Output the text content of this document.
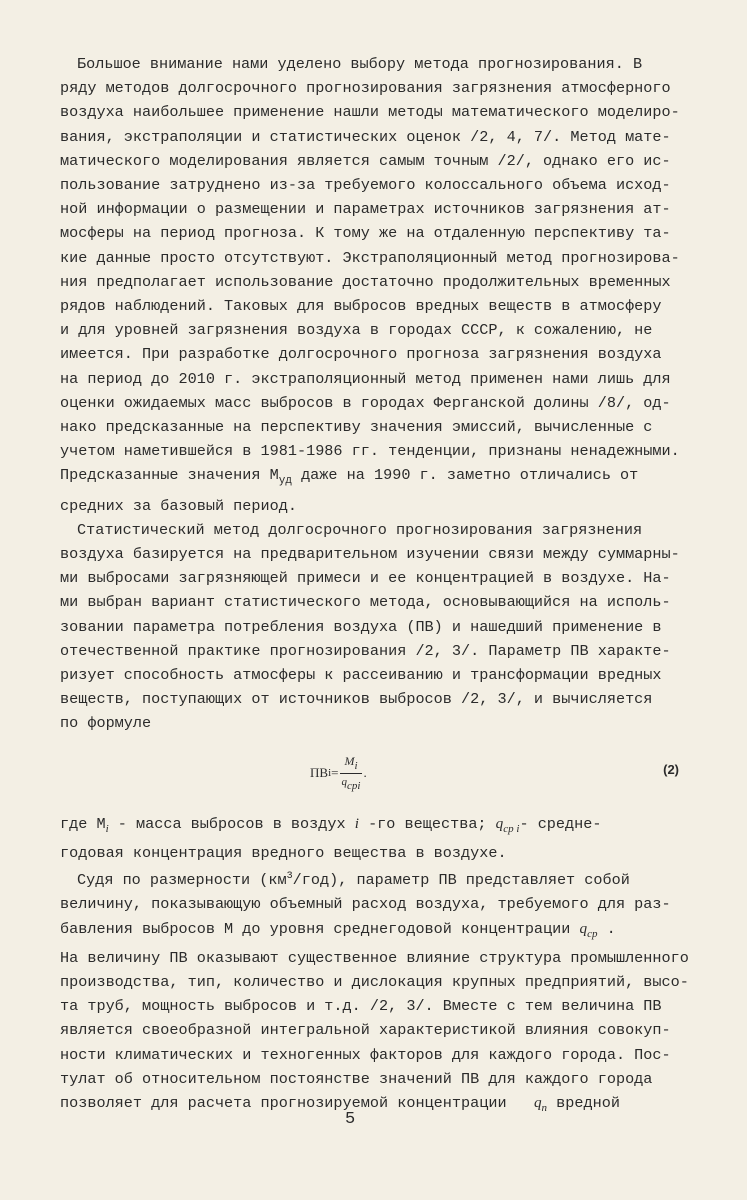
Большое внимание нами уделено выбору метода прогнозирования. В
ряду методов долгосрочного прогнозирования загрязнения атмосферного
воздуха наибольшее применение нашли методы математического моделиро-
вания, экстраполяции и статистических оценок /2, 4, 7/. Метод мате-
матического моделирования является самым точным /2/, однако его ис-
пользование затруднено из-за требуемого колоссального объема исход-
ной информации о размещении и параметрах источников загрязнения ат-
мосферы на период прогноза. К тому же на отдаленную перспективу та-
кие данные просто отсутствуют. Экстраполяционный метод прогнозирова-
ния предполагает использование достаточно продолжительных временных
рядов наблюдений. Таковых для выбросов вредных веществ в атмосферу
и для уровней загрязнения воздуха в городах СССР, к сожалению, не
имеется. При разработке долгосрочного прогноза загрязнения воздуха
на период до 2010 г. экстраполяционный метод применен нами лишь для
оценки ожидаемых масс выбросов в городах Ферганской долины /8/, од-
нако предсказанные на перспективу значения эмиссий, вычисленные с
учетом наметившейся в 1981-1986 гг. тенденции, признаны ненадежными.
Предсказанные значения $M_{уд}$ даже на 1990 г. заметно отличались от
средних за базовый период.
Статистический метод долгосрочного прогнозирования загрязнения
воздуха базируется на предварительном изучении связи между суммарны-
ми выбросами загрязняющей примеси и ее концентрацией в воздухе. На-
ми выбран вариант статистического метода, основывающийся на исполь-
зовании параметра потребления воздуха (ПВ) и нашедший применение в
отечественной практике прогнозирования /2, 3/. Параметр ПВ характе-
ризует способность атмосферы к рассеиванию и трансформации вредных
веществ, поступающих от источников выбросов /2, 3/, и вычисляется
по формуле
ПВ $i = \frac{Mi}{\text{qcpi}}$ .	(2)
где $M_i$ - масса выбросов в воздух i -го вещества; $q_{cp i}-$ средне-
годовая концентрация вредного вещества в воздухе.
Судя по размерности $(км^3/год)$, параметр ПВ представляет собой
величину, показывающую объемный расход воздуха, требуемого для раз-
бавления выбросов M до уровня среднегодовой концентрации $q_{cp}$ .
На величину ПВ оказывают существенное влияние структура промышленного
производства, тип, количество и дислокация крупных предприятий, высо-
та труб, мощность выбросов и т.д. /2, 3/. Вместе с тем величина ПВ
является своеобразной интегральной характеристикой влияния совокуп-
ности климатических и техногенных факторов для каждого города. Пос-
тулат об относительном постоянстве значений ПВ для каждого города
позволяет для расчета прогнозируемой концентрации $q_п$ вредной
5
